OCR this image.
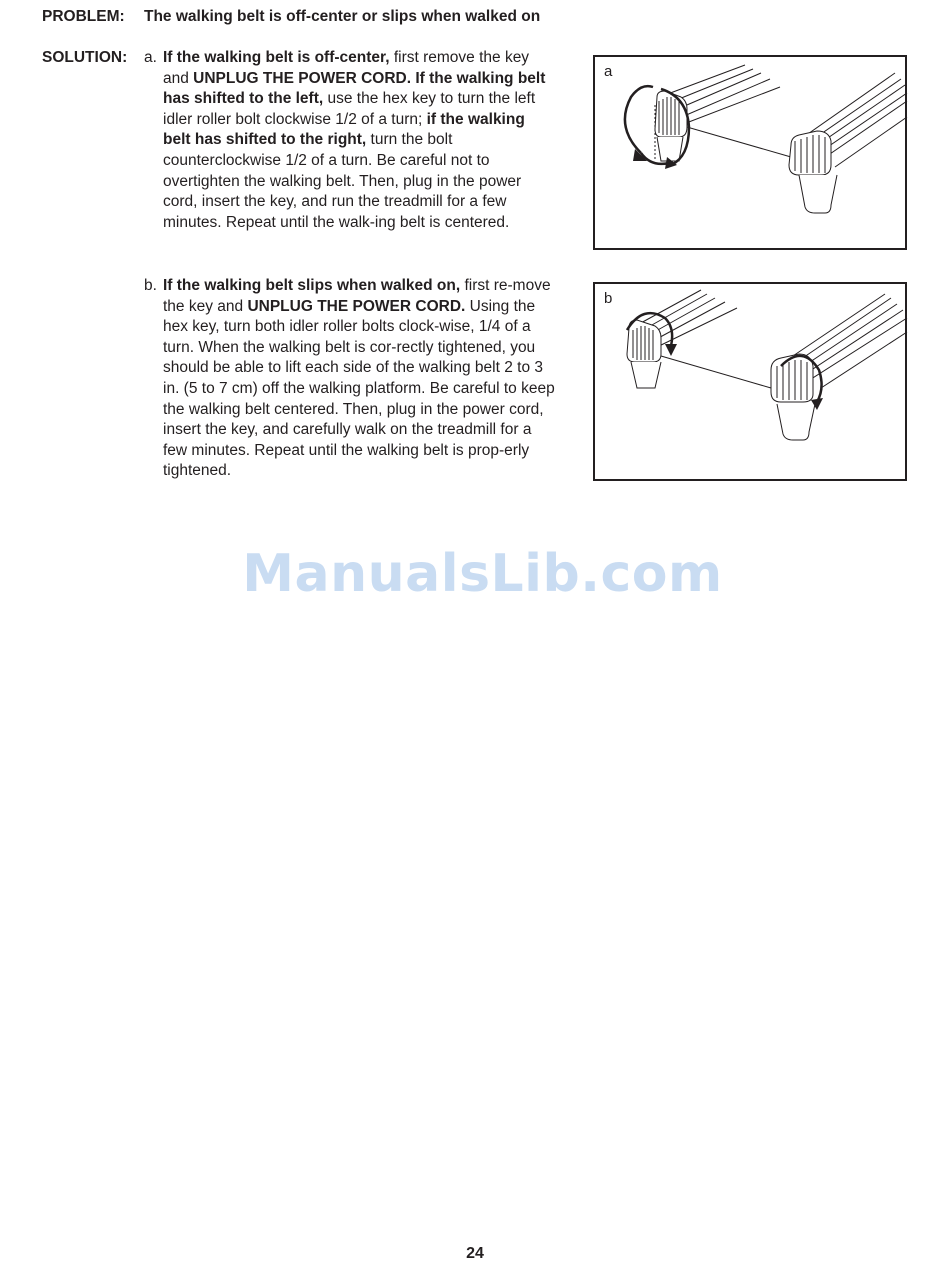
PROBLEM: The walking belt is off-center or slips when walked on
SOLUTION: a. If the walking belt is off-center, first remove the key and UNPLUG THE POWER CORD. If the walking belt has shifted to the left, use the hex key to turn the left idler roller bolt clockwise 1/2 of a turn; if the walking belt has shifted to the right, turn the bolt counterclockwise 1/2 of a turn. Be careful not to overtighten the walking belt. Then, plug in the power cord, insert the key, and run the treadmill for a few minutes. Repeat until the walk-ing belt is centered.
b. If the walking belt slips when walked on, first re-move the key and UNPLUG THE POWER CORD. Using the hex key, turn both idler roller bolts clock-wise, 1/4 of a turn. When the walking belt is cor-rectly tightened, you should be able to lift each side of the walking belt 2 to 3 in. (5 to 7 cm) off the walking platform. Be careful to keep the walking belt centered. Then, plug in the power cord, insert the key, and carefully walk on the treadmill for a few minutes. Repeat until the walking belt is prop-erly tightened.
a
b
ManualsLib.com
24
